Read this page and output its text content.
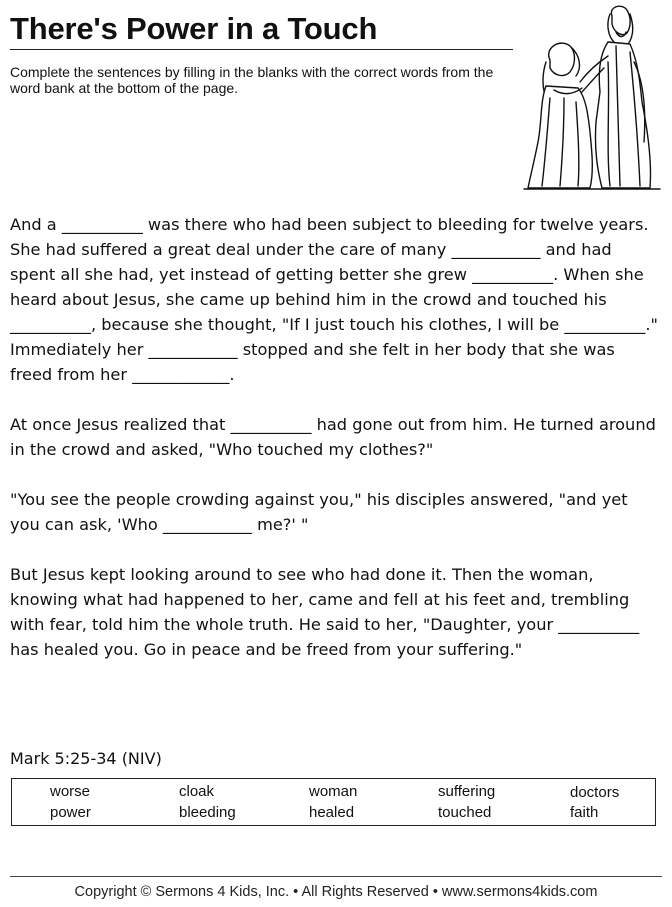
There's Power in a Touch

Complete the sentences by filling in the blanks with the correct words from the word bank at the bottom of the page.

And a __________ was there who had been subject to bleeding for twelve years. She had suffered a great deal under the care of many ___________ and had spent all she had, yet instead of getting better she grew __________. When she heard about Jesus, she came up behind him in the crowd and touched his __________, because she thought, "If I just touch his clothes, I will be __________." Immediately her ___________ stopped and she felt in her body that she was freed from her ____________.

At once Jesus realized that __________ had gone out from him. He turned around in the crowd and asked, "Who touched my clothes?"

"You see the people crowding against you," his disciples answered, "and yet you can ask, 'Who ___________ me?' "

But Jesus kept looking around to see who had done it. Then the woman, knowing what had happened to her, came and fell at his feet and, trembling with fear, told him the whole truth. He said to her, "Daughter, your __________ has healed you. Go in peace and be freed from your suffering."

Mark 5:25-34 (NIV)

worse	cloak	woman	suffering	doctors
power	bleeding	healed	touched	faith

Copyright © Sermons 4 Kids, Inc. • All Rights Reserved • www.sermons4kids.com
